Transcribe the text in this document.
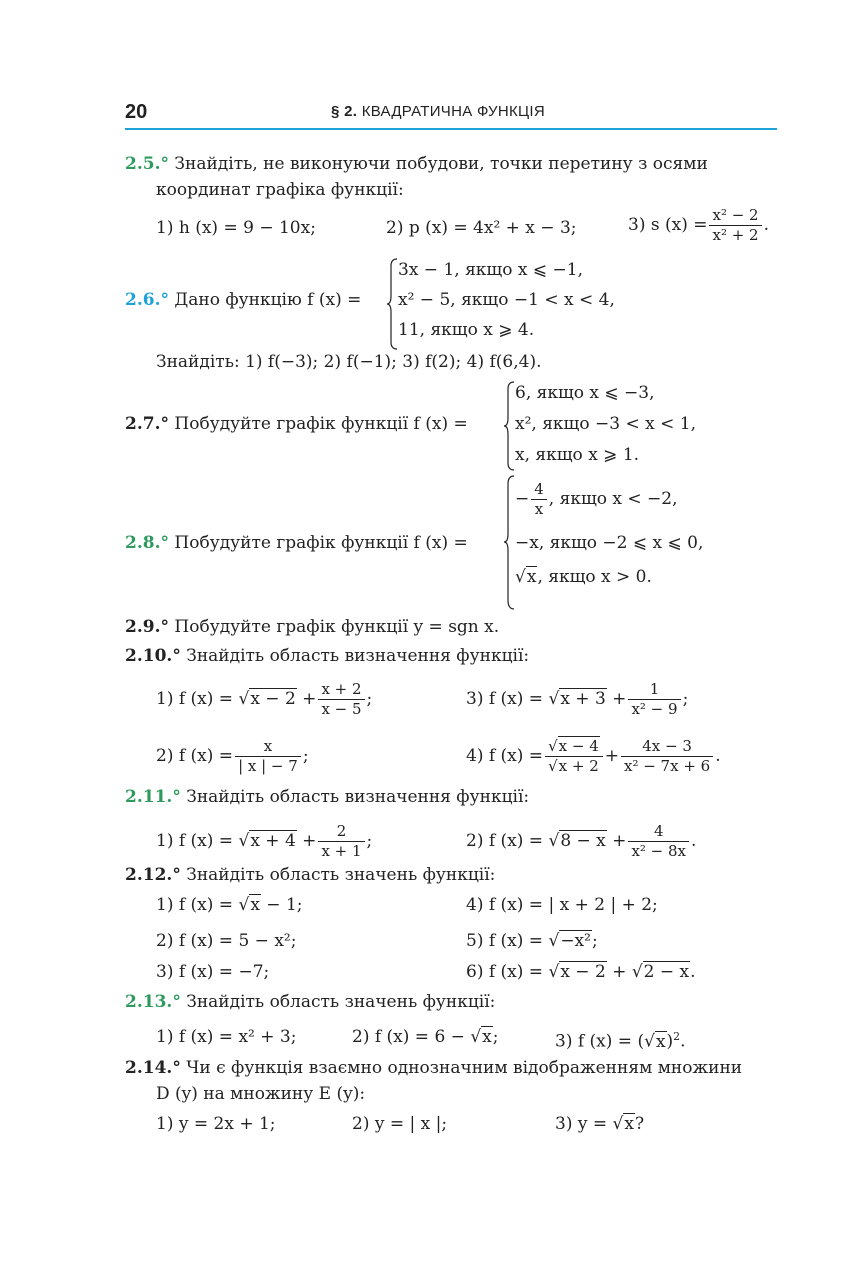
20	§ 2. КВАДРАТИЧНА ФУНКЦІЯ
2.5.° Знайдіть, не виконуючи побудови, точки перетину з осями
координат графіка функції:
1) h (x) = 9 − 10x;	2) p (x) = 4x² + x − 3;	3) s $(x) = \frac{\text{x² − 2}}{\text{x² + 2}}$ .
2.6.° Дано функцію f (x) =
3x − 1, якщо x ⩽ −1,
x² − 5, якщо −1 < x < 4,
11, якщо x ⩾ 4.
Знайдіть: 1) f(−3); 2) f(−1); 3) f(2); 4) f(6,4).
2.7.° Побудуйте графік функції f (x) =
6, якщо x ⩽ −3,
x², якщо −3 < x < 1,
x, якщо x ⩾ 1.
2.8.° Побудуйте графік функції f (x) =
− $\frac{4}{x}$ , якщо x < −2,
−x, якщо −2 ⩽ x ⩽ 0,
√x, якщо x > 0.
2.9.° Побудуйте графік функції y = sgn x.
2.10.° Знайдіть область визначення функції:
1) f $(x) = √x - 2 + \frac{x + 2}{x - 5}$ ;	3) f $(x) = √x + 3 + \frac{1}{\text{x² − 9}}$ ;
2) f $(x) = \frac{x}{| x | - 7}$ ;	4) f $(x) = \frac{√x - 4}{√x + 2} + \frac{4x - 3}{\text{x² − 7x + 6}}$ .
2.11.° Знайдіть область визначення функції:
1) f $(x) = √x + 4 + \frac{2}{x + 1}$ ;	2) f $(x) = √8 - x + \frac{4}{\text{x² − 8x}}$ .
2.12.° Знайдіть область значень функції:
1) f (x) = √x − 1;	4) f (x) = | x + 2 | + 2;
2) f (x) = 5 − x²;	5) f (x) = √−x²;
3) f (x) = −7;	6) f (x) = √x − 2 + √2 − x.
2.13.° Знайдіть область значень функції:
1) f (x) = x² + 3;	2) f (x) = 6 − √x;	3) f $(x) = (√x)^2$.
2.14.° Чи є функція взаємно однозначним відображенням множини
D (y) на множину E (y):
1) y = 2x + 1;	2) y = | x |;	3) y = √x?
